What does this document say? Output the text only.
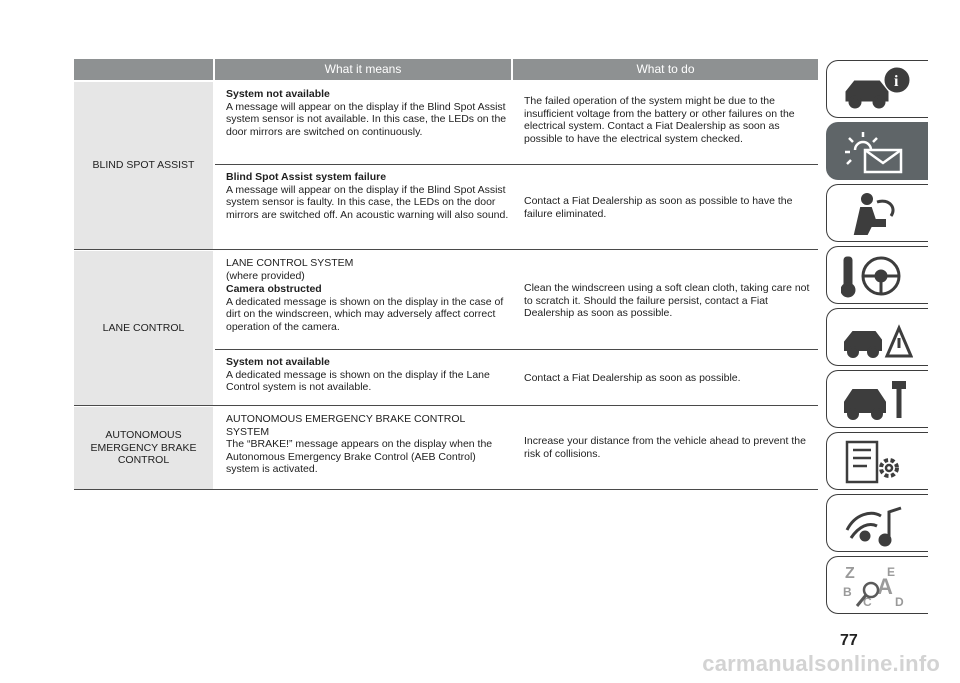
What it means	What to do
BLIND SPOT ASSIST
System not available
A message will appear on the display if the Blind Spot Assist system sensor is not available. In this case, the LEDs on the door mirrors are switched on continuously.
The failed operation of the system might be due to the insufficient voltage from the battery or other failures on the electrical system. Contact a Fiat Dealership as soon as possible to have the electrical system checked.
Blind Spot Assist system failure
A message will appear on the display if the Blind Spot Assist system sensor is faulty. In this case, the LEDs on the door mirrors are switched off. An acoustic warning will also sound.
Contact a Fiat Dealership as soon as possible to have the failure eliminated.
LANE CONTROL
LANE CONTROL SYSTEM (where provided)
Camera obstructed
A dedicated message is shown on the display in the case of dirt on the windscreen, which may adversely affect correct operation of the camera.
Clean the windscreen using a soft clean cloth, taking care not to scratch it. Should the failure persist, contact a Fiat Dealership as soon as possible.
System not available
A dedicated message is shown on the display if the Lane Control system is not available.
Contact a Fiat Dealership as soon as possible.
AUTONOMOUS EMERGENCY BRAKE CONTROL
AUTONOMOUS EMERGENCY BRAKE CONTROL SYSTEM
The “BRAKE!” message appears on the display when the Autonomous Emergency Brake Control (AEB Control) system is activated.
Increase your distance from the vehicle ahead to prevent the risk of collisions.
i
Z	E
B A
C D
77
carmanualsonline.info
